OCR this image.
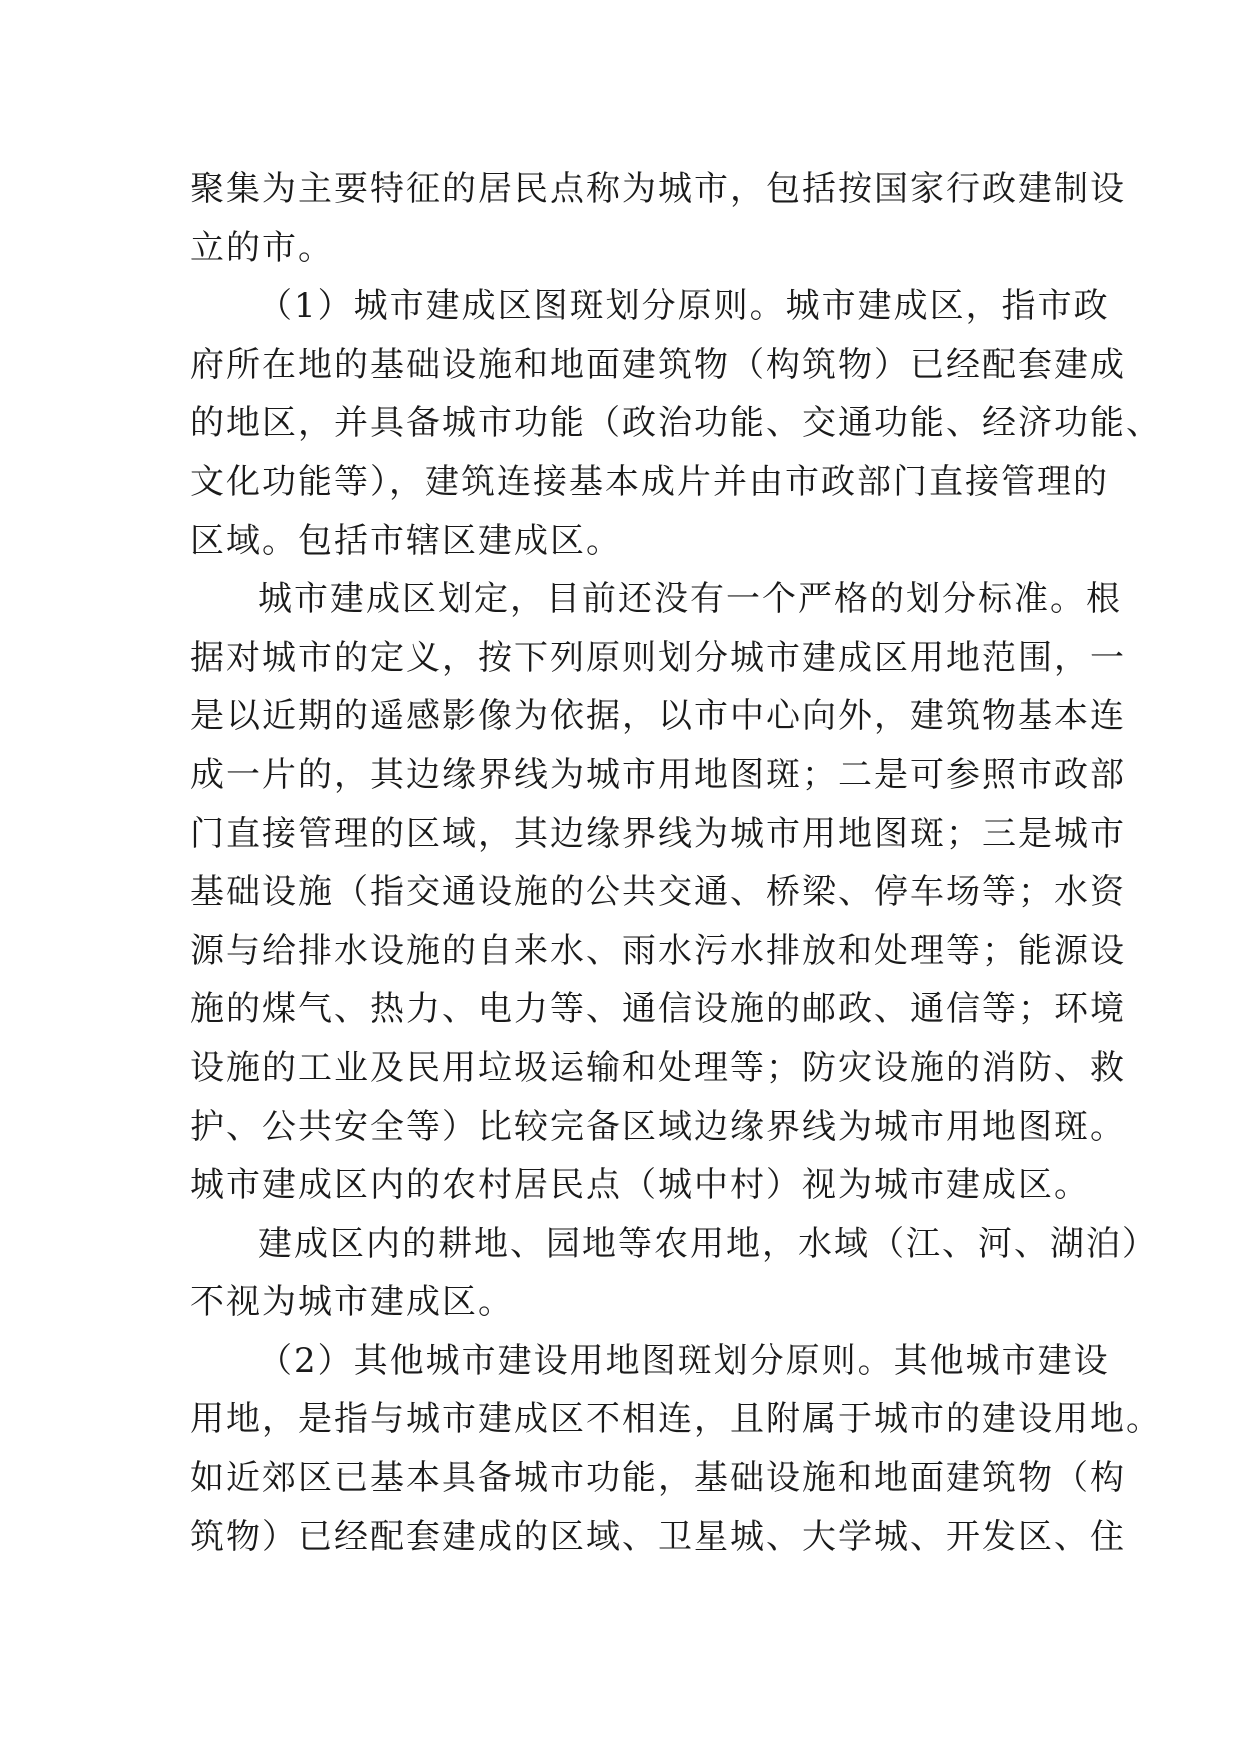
聚集为主要特征的居民点称为城市，包括按国家行政建制设
立的市。
（1）城市建成区图斑划分原则。城市建成区，指市政
府所在地的基础设施和地面建筑物（构筑物）已经配套建成
的地区，并具备城市功能（政治功能、交通功能、经济功能、
文化功能等），建筑连接基本成片并由市政部门直接管理的
区域。包括市辖区建成区。
城市建成区划定，目前还没有一个严格的划分标准。根
据对城市的定义，按下列原则划分城市建成区用地范围，一
是以近期的遥感影像为依据，以市中心向外，建筑物基本连
成一片的，其边缘界线为城市用地图斑；二是可参照市政部
门直接管理的区域，其边缘界线为城市用地图斑；三是城市
基础设施（指交通设施的公共交通、桥梁、停车场等；水资
源与给排水设施的自来水、雨水污水排放和处理等；能源设
施的煤气、热力、电力等、通信设施的邮政、通信等；环境
设施的工业及民用垃圾运输和处理等；防灾设施的消防、救
护、公共安全等）比较完备区域边缘界线为城市用地图斑。
城市建成区内的农村居民点（城中村）视为城市建成区。
建成区内的耕地、园地等农用地，水域（江、河、湖泊）
不视为城市建成区。
（2）其他城市建设用地图斑划分原则。其他城市建设
用地，是指与城市建成区不相连，且附属于城市的建设用地。
如近郊区已基本具备城市功能，基础设施和地面建筑物（构
筑物）已经配套建成的区域、卫星城、大学城、开发区、住
